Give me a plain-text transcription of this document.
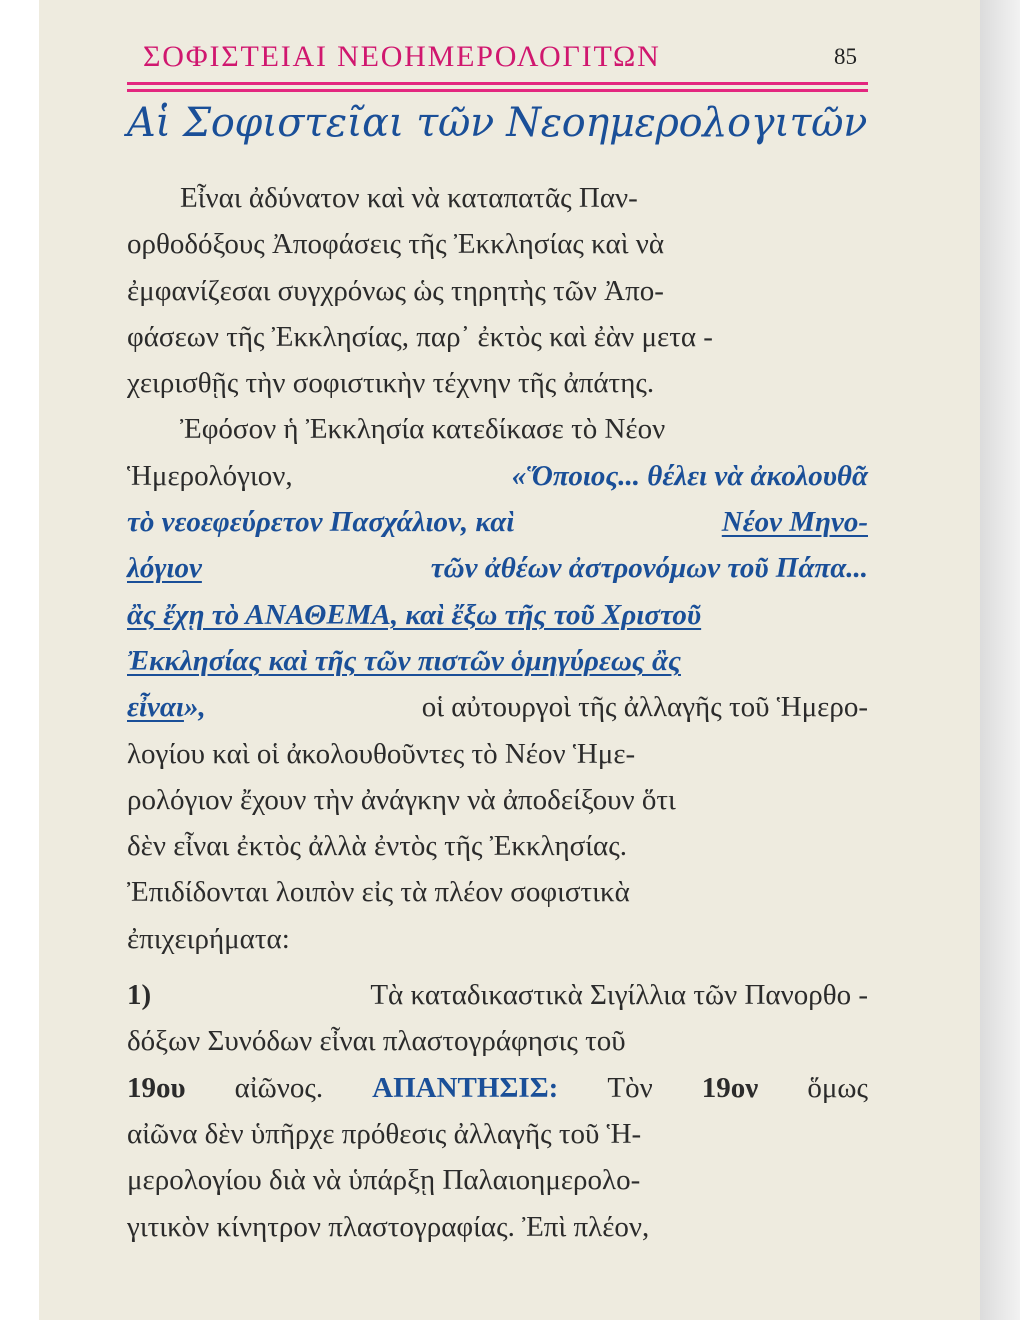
ΣΟΦΙΣΤΕΙΑΙ ΝΕΟΗΜΕΡΟΛΟΓΙΤΩΝ	85
Αἱ Σοφιστεῖαι τῶν Νεοημερολογιτῶν
Εἶναι ἀδύνατον καὶ νὰ καταπατᾶς Παν-
ορθοδόξους Ἀποφάσεις τῆς Ἐκκλησίας καὶ νὰ
ἐμφανίζεσαι συγχρόνως ὡς τηρητὴς τῶν Ἀπο-
φάσεων τῆς Ἐκκλησίας, παρ᾿ ἐκτὸς καὶ ἐὰν μετα -
χειρισθῇς τὴν σοφιστικὴν τέχνην τῆς ἀπάτης.
Ἐφόσον ἡ Ἐκκλησία κατεδίκασε τὸ Νέον
Ἡμερολόγιον,	«Ὅποιος... θέλει νὰ ἀκολουθᾶ
τὸ νεοεφεύρετον Πασχάλιον, καὶ	Νέον Μηνο-
λόγιον	τῶν ἀθέων ἀστρονόμων τοῦ Πάπα...
ἂς ἔχῃ τὸ ΑΝΑΘΕΜΑ, καὶ ἔξω τῆς τοῦ Χριστοῦ
Ἐκκλησίας καὶ τῆς τῶν πιστῶν ὁμηγύρεως ἂς
εἶναι»,	οἱ αὐτουργοὶ τῆς ἀλλαγῆς τοῦ Ἡμερο-
λογίου καὶ οἱ ἀκολουθοῦντες τὸ Νέον Ἡμε-
ρολόγιον ἔχουν τὴν ἀνάγκην νὰ ἀποδείξουν ὅτι
δὲν εἶναι ἐκτὸς ἀλλὰ ἐντὸς τῆς Ἐκκλησίας.
Ἐπιδίδονται λοιπὸν εἰς τὰ πλέον σοφιστικὰ
ἐπιχειρήματα:
1)	Τὰ καταδικαστικὰ Σιγίλλια τῶν Πανορθο -
δόξων Συνόδων εἶναι πλαστογράφησις τοῦ
19ου αἰῶνος. ΑΠΑΝΤΗΣΙΣ: Τὸν 19ον ὅμως
αἰῶνα δὲν ὑπῆρχε πρόθεσις ἀλλαγῆς τοῦ Ἡ-
μερολογίου διὰ νὰ ὑπάρξῃ Παλαιοημερολο-
γιτικὸν κίνητρον πλαστογραφίας. Ἐπὶ πλέον,
